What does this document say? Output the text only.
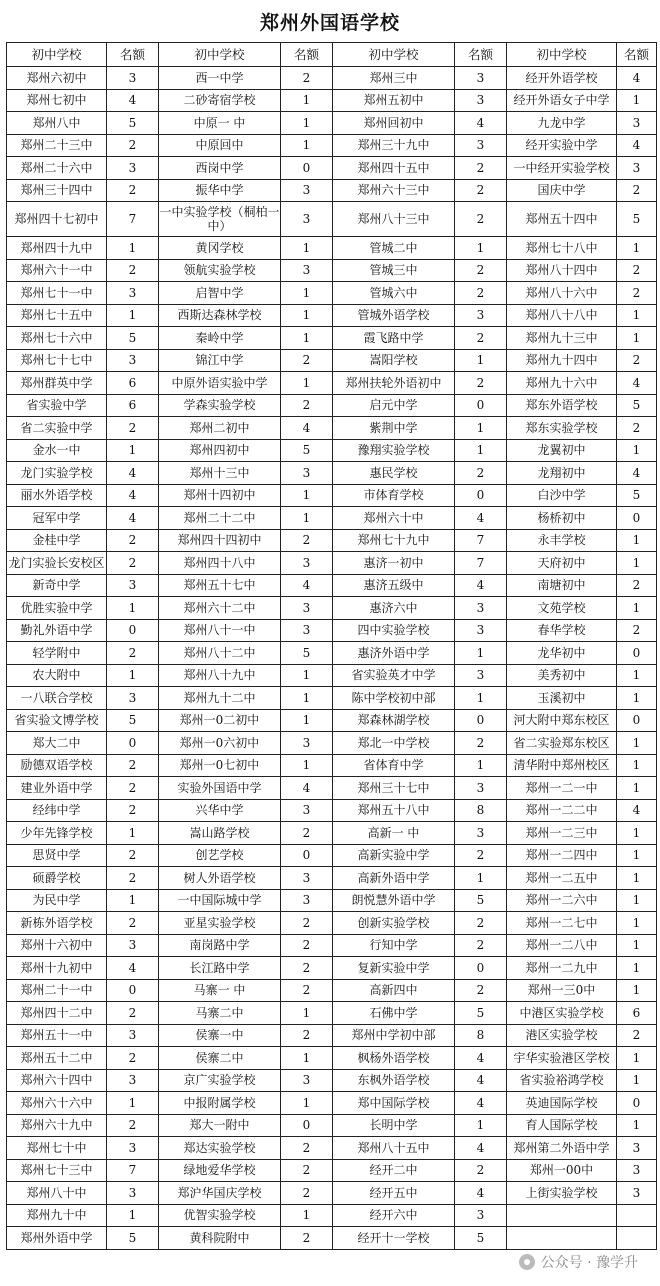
郑州外国语学校
初中学校	名额	初中学校	名额	初中学校	名额	初中学校	名额
郑州六初中	3	西一中学	2	郑州三中	3	经开外语学校	4
郑州七初中	4	二砂寄宿学校	1	郑州五初中	3	经开外语女子中学	1
郑州八中	5	中原一 中	1	郑州回初中	4	九龙中学	3
郑州二十三中	2	中原回中	1	郑州三十九中	3	经开实验中学	4
郑州二十六中	3	西岗中学	0	郑州四十五中	2	一中经开实验学校	3
郑州三十四中	2	振华中学	3	郑州六十三中	2	国庆中学	2
郑州四十七初中	7	一中实验学校（桐柏一中）	3	郑州八十三中	2	郑州五十四中	5
郑州四十九中	1	黄冈学校	1	管城二中	1	郑州七十八中	1
郑州六十一中	2	领航实验学校	3	管城三中	2	郑州八十四中	2
郑州七十一中	3	启智中学	1	管城六中	2	郑州八十六中	2
郑州七十五中	1	西斯达森林学校	1	管城外语学校	3	郑州八十八中	1
郑州七十六中	5	秦岭中学	1	霞飞路中学	2	郑州九十三中	1
郑州七十七中	3	锦江中学	2	嵩阳学校	1	郑州九十四中	2
郑州群英中学	6	中原外语实验中学	1	郑州扶轮外语初中	2	郑州九十六中	4
省实验中学	6	学森实验学校	2	启元中学	0	郑东外语学校	5
省二实验中学	2	郑州二初中	4	紫荆中学	1	郑东实验学校	2
金水一中	1	郑州四初中	5	豫翔实验学校	1	龙翼初中	1
龙门实验学校	4	郑州十三中	3	惠民学校	2	龙翔初中	4
丽水外语学校	4	郑州十四初中	1	市体育学校	0	白沙中学	5
冠军中学	4	郑州二十二中	1	郑州六十中	4	杨桥初中	0
金桂中学	2	郑州四十四初中	2	郑州七十九中	7	永丰学校	1
龙门实验长安校区	2	郑州四十八中	3	惠济一初中	7	天府初中	1
新奇中学	3	郑州五十七中	4	惠济五级中	4	南塘初中	2
优胜实验中学	1	郑州六十二中	3	惠济六中	3	文苑学校	1
勤礼外语中学	0	郑州八十一中	3	四中实验学校	3	春华学校	2
轻学附中	2	郑州八十二中	5	惠济外语中学	1	龙华初中	0
农大附中	1	郑州八十九中	1	省实验英才中学	3	美秀初中	1
一八联合学校	3	郑州九十二中	1	陈中学校初中部	1	玉溪初中	1
省实验文博学校	5	郑州一0二初中	1	郑森林湖学校	0	河大附中郑东校区	0
郑大二中	0	郑州一0六初中	3	郑北一中学校	2	省二实验郑东校区	1
励德双语学校	2	郑州一0七初中	1	省体育中学	1	清华附中郑州校区	1
建业外语中学	2	实验外国语中学	4	郑州三十七中	3	郑州一二一中	1
经纬中学	2	兴华中学	3	郑州五十八中	8	郑州一二二中	4
少年先锋学校	1	嵩山路学校	2	高新一 中	3	郑州一二三中	1
思贤中学	2	创艺学校	0	高新实验中学	2	郑州一二四中	1
硕爵学校	2	树人外语学校	3	高新外语中学	1	郑州一二五中	1
为民中学	1	一中国际城中学	3	朗悦慧外语中学	5	郑州一二六中	1
新栋外语学校	2	亚星实验学校	2	创新实验学校	2	郑州一二七中	1
郑州十六初中	3	南岗路中学	2	行知中学	2	郑州一二八中	1
郑州十九初中	4	长江路中学	2	复新实验中学	0	郑州一二九中	1
郑州二十一中	0	马寨一 中	2	高新四中	2	郑州一三0中	1
郑州四十二中	2	马寨二中	1	石佛中学	5	中港区实验学校	6
郑州五十一中	3	侯寨一中	2	郑州中学初中部	8	港区实验学校	2
郑州五十二中	2	侯寨二中	1	枫杨外语学校	4	宇华实验港区学校	1
郑州六十四中	3	京广实验学校	3	东枫外语学校	4	省实验裕鸿学校	1
郑州六十六中	1	中报附属学校	1	郑中国际学校	4	英迪国际学校	0
郑州六十九中	2	郑大一附中	0	长明中学	1	育人国际学校	1
郑州七十中	3	郑达实验学校	2	郑州八十五中	4	郑州第二外语中学	3
郑州七十三中	7	绿地爱华学校	2	经开二中	2	郑州一00中	3
郑州八十中	3	郑沪华国庆学校	2	经开五中	4	上街实验学校	3
郑州九十中	1	优智实验学校	1	经开六中	3		
郑州外语中学	5	黄科院附中	2	经开十一学校	5		
公众号 · 豫学升
